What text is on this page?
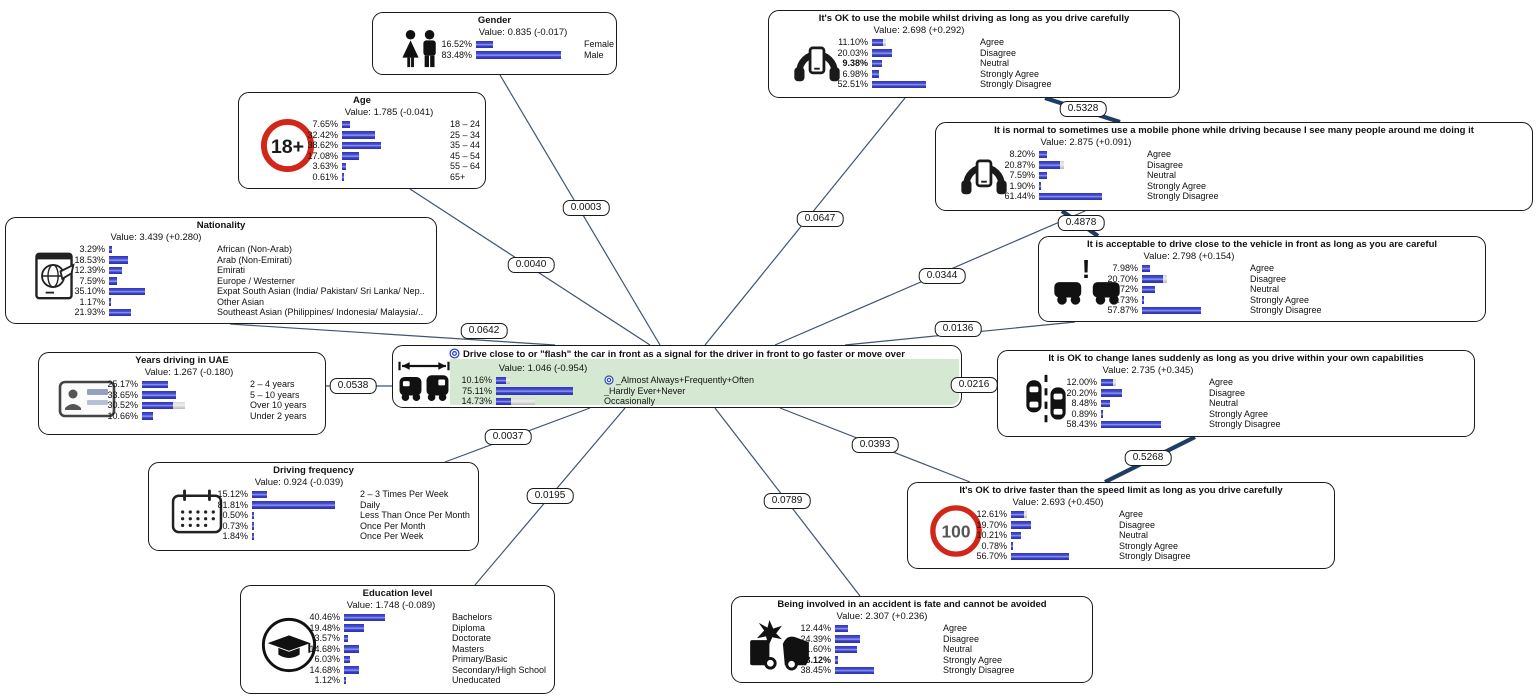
0.0003
0.0040
0.0642
0.0538
0.0037
0.0195
0.0647
0.0344
0.0136
0.0216
0.0393
0.0789
0.5328
0.4878
0.5268
Gender
Value: 0.835 (-0.017)
16.52%	Female
83.48%	Male
Age
Value: 1.785 (-0.041)
7.65%	18 – 24
32.42%	25 – 34
38.62%	35 – 44
17.08%	45 – 54
3.63%	55 – 64
0.61%	65+
Nationality
Value: 3.439 (+0.280)
3.29%	African (Non-Arab)
18.53%	Arab (Non-Emirati)
12.39%	Emirati
7.59%	Europe / Westerner
35.10%	Expat South Asian (India/ Pakistan/ Sri Lanka/ Nep..
1.17%	Other Asian
21.93%	Southeast Asian (Philippines/ Indonesia/ Malaysia/..
Years driving in UAE
Value: 1.267 (-0.180)
25.17%	2 – 4 years
33.65%	5 – 10 years
30.52%	Over 10 years
10.66%	Under 2 years
Driving frequency
Value: 0.924 (-0.039)
15.12%	2 – 3 Times Per Week
81.81%	Daily
0.50%	Less Than Once Per Month
0.73%	Once Per Month
1.84%	Once Per Week
Education level
Value: 1.748 (-0.089)
40.46%	Bachelors
19.48%	Diploma
3.57%	Doctorate
14.68%	Masters
6.03%	Primary/Basic
14.68%	Secondary/High School
1.12%	Uneducated
Drive close to or "flash" the car in front as a signal for the driver in front to go faster or move over
Value: 1.046 (-0.954)
10.16%	_Almost Always+Frequently+Often
75.11%	_Hardly Ever+Never
14.73%	Occasionally
It's OK to use the mobile whilst driving as long as you drive carefully
Value: 2.698 (+0.292)
11.10%	Agree
20.03%	Disagree
9.38%	Neutral
6.98%	Strongly Agree
52.51%	Strongly Disagree
It is normal to sometimes use a mobile phone while driving because I see many people around me doing it
Value: 2.875 (+0.091)
8.20%	Agree
20.87%	Disagree
7.59%	Neutral
1.90%	Strongly Agree
61.44%	Strongly Disagree
It is acceptable to drive close to the vehicle in front as long as you are careful
Value: 2.798 (+0.154)
7.98%	Agree
20.70%	Disagree
12.72%	Neutral
0.73%	Strongly Agree
57.87%	Strongly Disagree
It is OK to change lanes suddenly as long as you drive within your own capabilities
Value: 2.735 (+0.345)
12.00%	Agree
20.20%	Disagree
8.48%	Neutral
0.89%	Strongly Agree
58.43%	Strongly Disagree
It's OK to drive faster than the speed limit as long as you drive carefully
Value: 2.693 (+0.450)
12.61%	Agree
19.70%	Disagree
10.21%	Neutral
0.78%	Strongly Agree
56.70%	Strongly Disagree
Being involved in an accident is fate and cannot be avoided
Value: 2.307 (+0.236)
12.44%	Agree
24.39%	Disagree
21.60%	Neutral
3.12%	Strongly Agree
38.45%	Strongly Disagree
